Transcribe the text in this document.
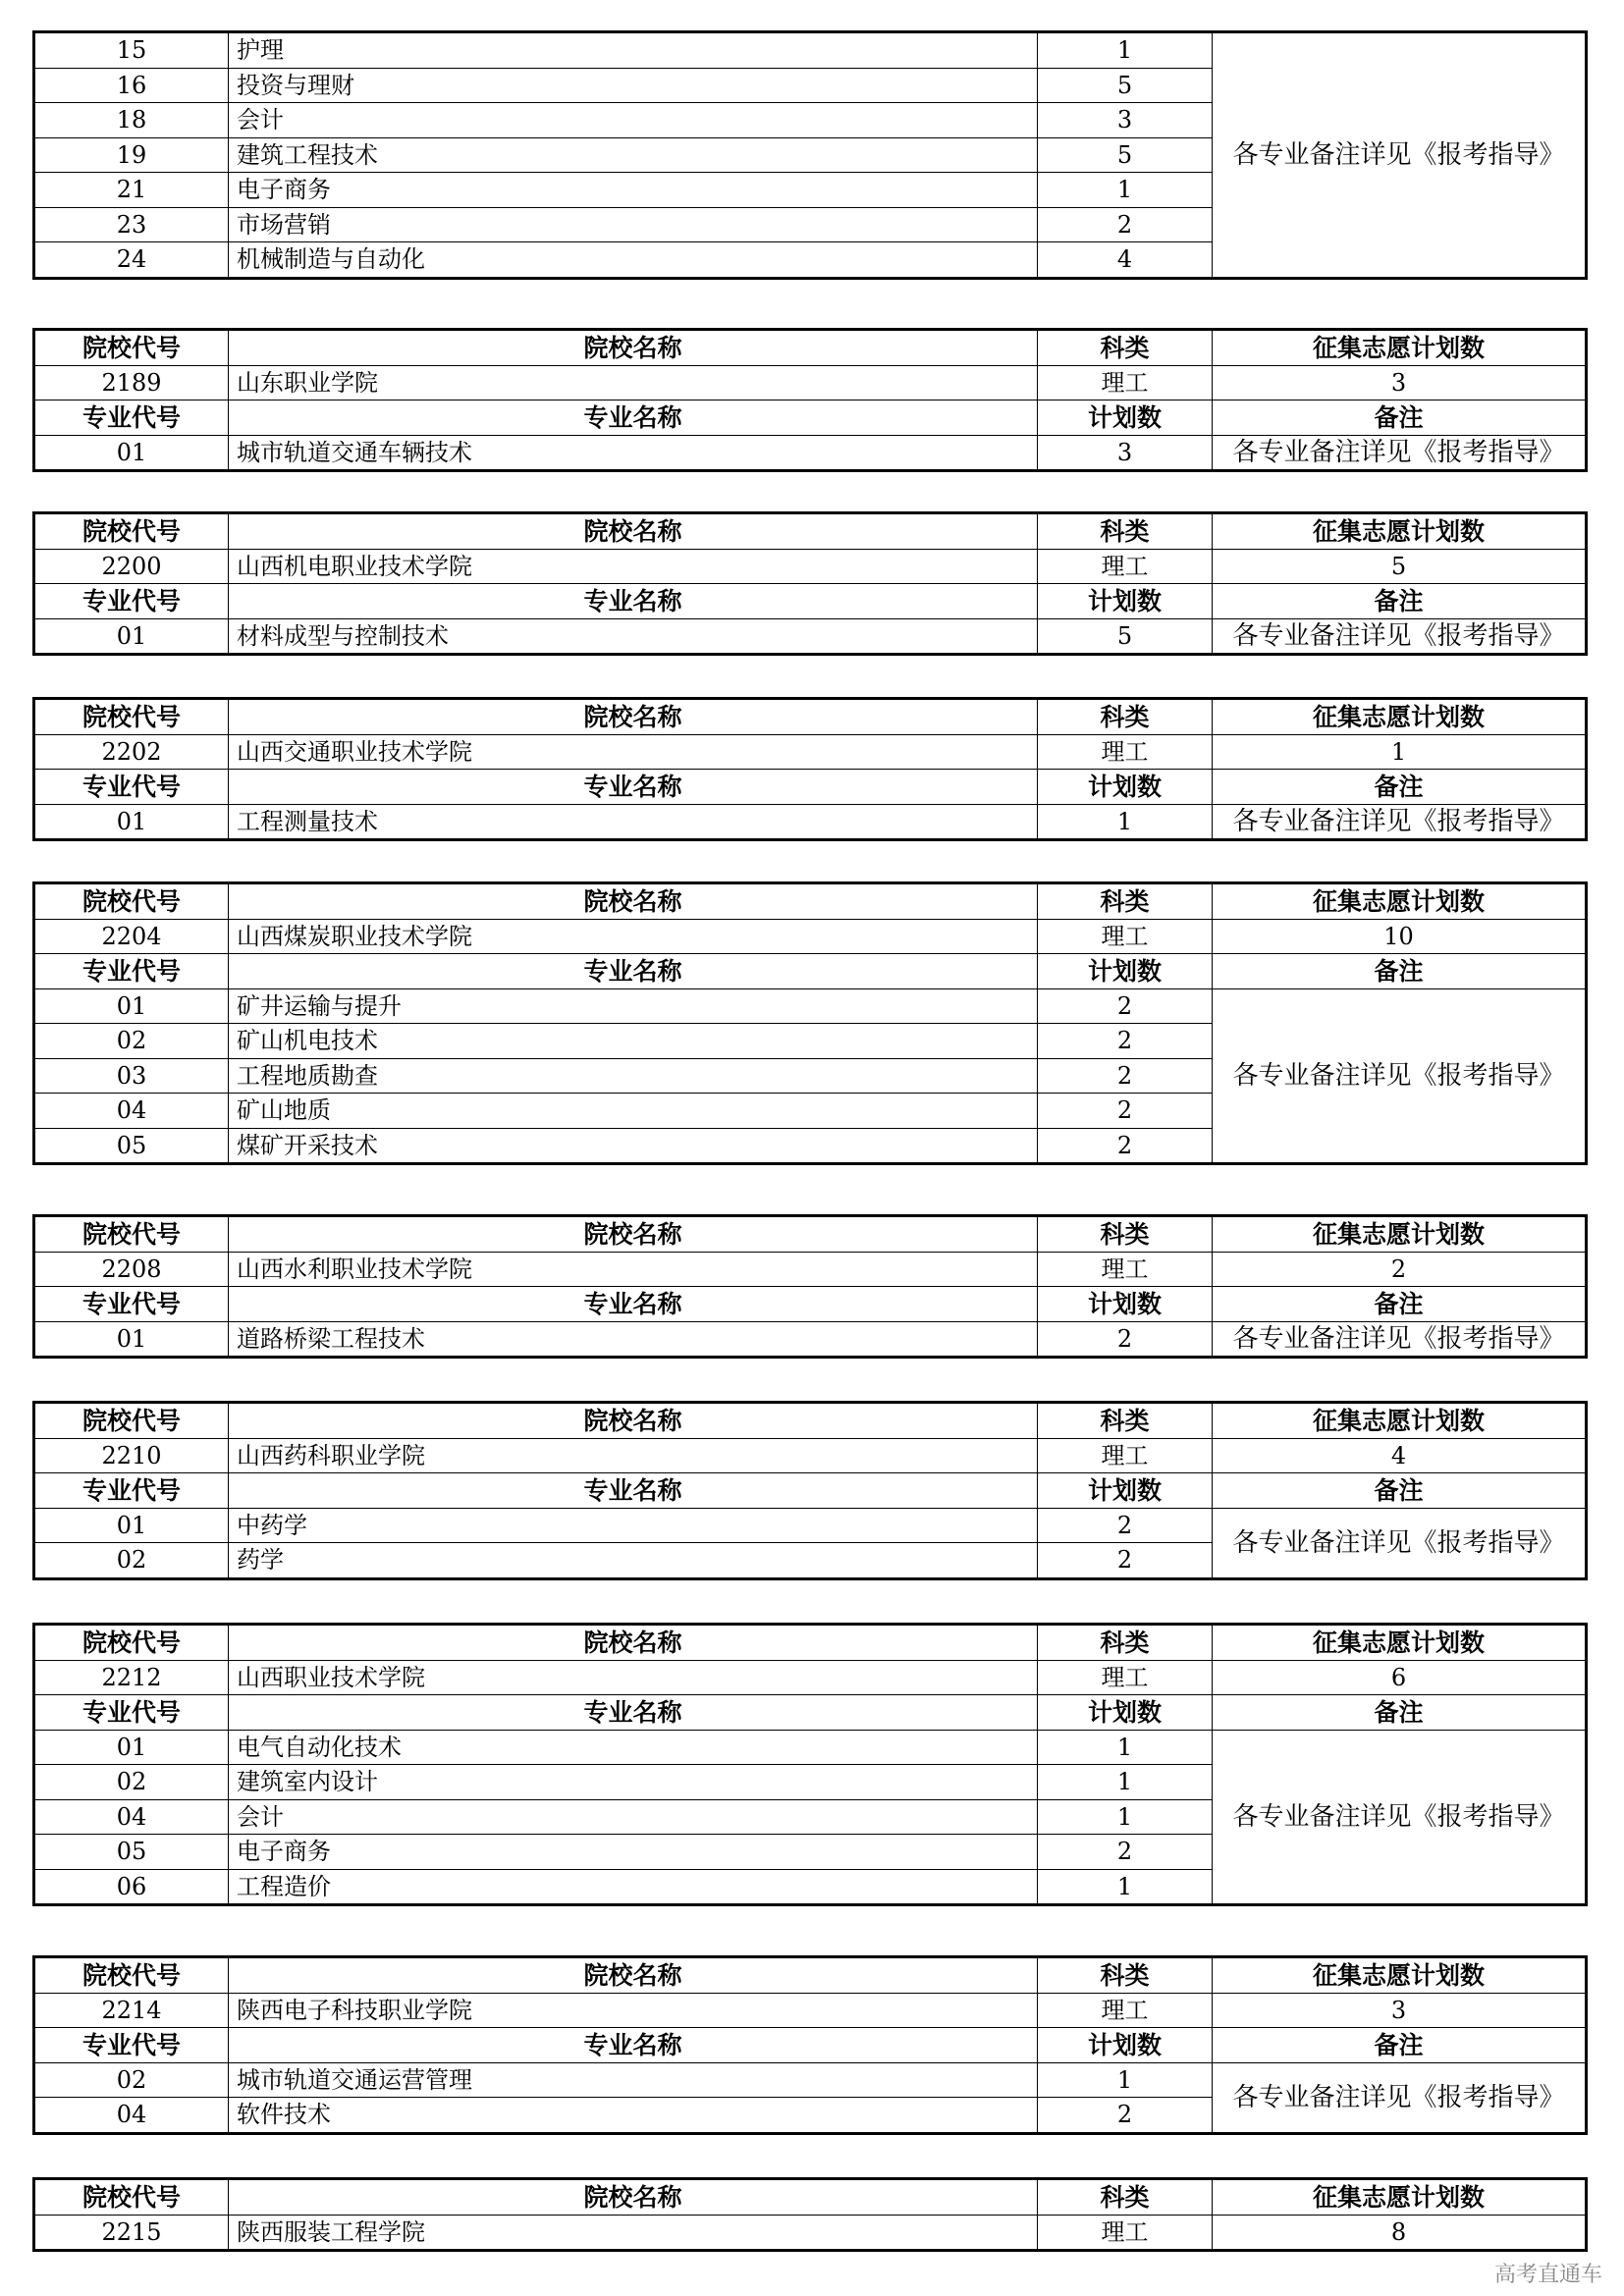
15	护理	1	各专业备注详见《报考指导》
16	投资与理财	5	
18	会计	3	
19	建筑工程技术	5	
21	电子商务	1	
23	市场营销	2	
24	机械制造与自动化	4	
院校代号	院校名称	科类	征集志愿计划数
2189	山东职业学院	理工	3
专业代号	专业名称	计划数	备注
01	城市轨道交通车辆技术	3	各专业备注详见《报考指导》
院校代号	院校名称	科类	征集志愿计划数
2200	山西机电职业技术学院	理工	5
专业代号	专业名称	计划数	备注
01	材料成型与控制技术	5	各专业备注详见《报考指导》
院校代号	院校名称	科类	征集志愿计划数
2202	山西交通职业技术学院	理工	1
专业代号	专业名称	计划数	备注
01	工程测量技术	1	各专业备注详见《报考指导》
院校代号	院校名称	科类	征集志愿计划数
2204	山西煤炭职业技术学院	理工	10
专业代号	专业名称	计划数	备注
01	矿井运输与提升	2	各专业备注详见《报考指导》
02	矿山机电技术	2	
03	工程地质勘查	2	
04	矿山地质	2	
05	煤矿开采技术	2	
院校代号	院校名称	科类	征集志愿计划数
2208	山西水利职业技术学院	理工	2
专业代号	专业名称	计划数	备注
01	道路桥梁工程技术	2	各专业备注详见《报考指导》
院校代号	院校名称	科类	征集志愿计划数
2210	山西药科职业学院	理工	4
专业代号	专业名称	计划数	备注
01	中药学	2	各专业备注详见《报考指导》
02	药学	2	
院校代号	院校名称	科类	征集志愿计划数
2212	山西职业技术学院	理工	6
专业代号	专业名称	计划数	备注
01	电气自动化技术	1	各专业备注详见《报考指导》
02	建筑室内设计	1	
04	会计	1	
05	电子商务	2	
06	工程造价	1	
院校代号	院校名称	科类	征集志愿计划数
2214	陕西电子科技职业学院	理工	3
专业代号	专业名称	计划数	备注
02	城市轨道交通运营管理	1	各专业备注详见《报考指导》
04	软件技术	2	
院校代号	院校名称	科类	征集志愿计划数
2215	陕西服装工程学院	理工	8
高考直通车
